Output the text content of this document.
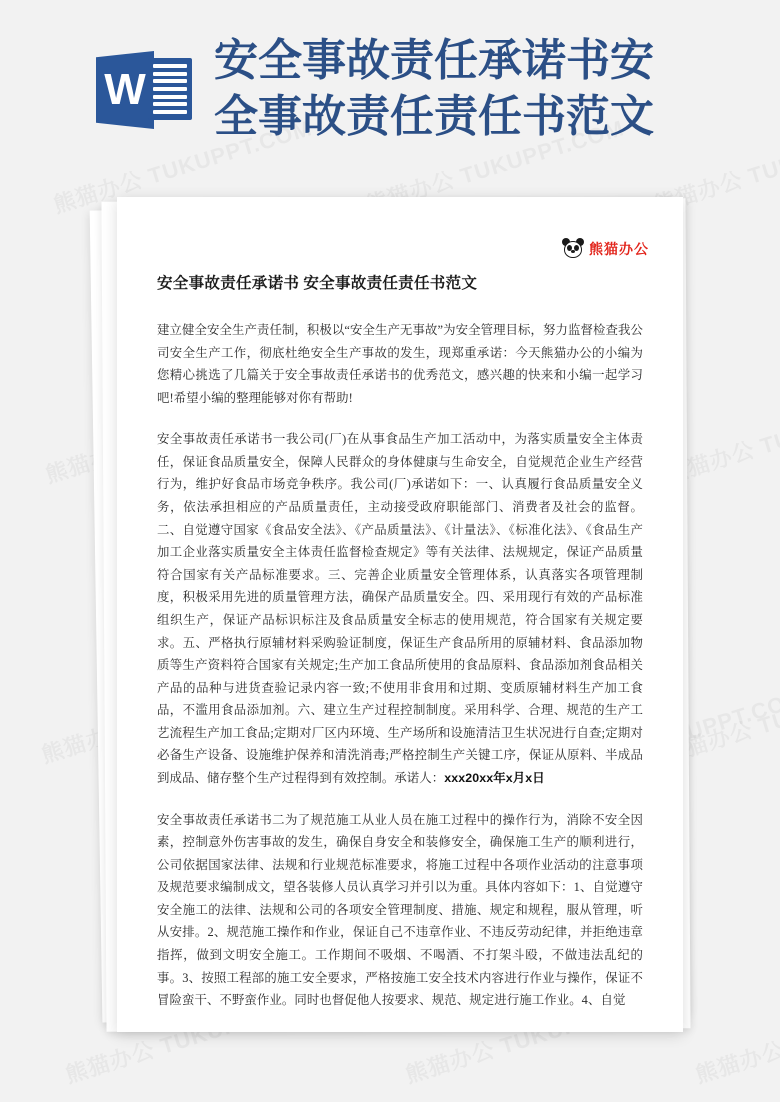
W
安全事故责任承诺书安全事故责任责任书范文
熊猫办公
安全事故责任承诺书 安全事故责任责任书范文
建立健全安全生产责任制，积极以“安全生产无事故”为安全管理目标，努力监督检查我公司安全生产工作，彻底杜绝安全生产事故的发生，现郑重承诺：今天熊猫办公的小编为您精心挑选了几篇关于安全事故责任承诺书的优秀范文，感兴趣的快来和小编一起学习吧!希望小编的整理能够对你有帮助!
安全事故责任承诺书一我公司(厂)在从事食品生产加工活动中，为落实质量安全主体责任，保证食品质量安全，保障人民群众的身体健康与生命安全，自觉规范企业生产经营行为，维护好食品市场竞争秩序。我公司(厂)承诺如下：一、认真履行食品质量安全义务，依法承担相应的产品质量责任，主动接受政府职能部门、消费者及社会的监督。二、自觉遵守国家《食品安全法》、《产品质量法》、《计量法》、《标准化法》、《食品生产加工企业落实质量安全主体责任监督检查规定》等有关法律、法规规定，保证产品质量符合国家有关产品标准要求。三、完善企业质量安全管理体系，认真落实各项管理制度，积极采用先进的质量管理方法，确保产品质量安全。四、采用现行有效的产品标准组织生产，保证产品标识标注及食品质量安全标志的使用规范，符合国家有关规定要求。五、严格执行原辅材料采购验证制度，保证生产食品所用的原辅材料、食品添加物质等生产资料符合国家有关规定;生产加工食品所使用的食品原料、食品添加剂食品相关产品的品种与进货查验记录内容一致;不使用非食用和过期、变质原辅材料生产加工食品，不滥用食品添加剂。六、建立生产过程控制制度。采用科学、合理、规范的生产工艺流程生产加工食品;定期对厂区内环境、生产场所和设施清洁卫生状况进行自查;定期对必备生产设备、设施维护保养和清洗消毒;严格控制生产关键工序，保证从原料、半成品到成品、储存整个生产过程得到有效控制。承诺人：xxx20xx年x月x日
安全事故责任承诺书二为了规范施工从业人员在施工过程中的操作行为，消除不安全因素，控制意外伤害事故的发生，确保自身安全和装修安全，确保施工生产的顺利进行，公司依据国家法律、法规和行业规范标准要求，将施工过程中各项作业活动的注意事项及规范要求编制成文，望各装修人员认真学习并引以为重。具体内容如下：1、自觉遵守安全施工的法律、法规和公司的各项安全管理制度、措施、规定和规程，服从管理，听从安排。2、规范施工操作和作业，保证自己不违章作业、不违反劳动纪律，并拒绝违章指挥，做到文明安全施工。工作期间不吸烟、不喝酒、不打架斗殴，不做违法乱纪的事。3、按照工程部的施工安全要求，严格按施工安全技术内容进行作业与操作，保证不冒险蛮干、不野蛮作业。同时也督促他人按要求、规范、规定进行施工作业。4、自觉
